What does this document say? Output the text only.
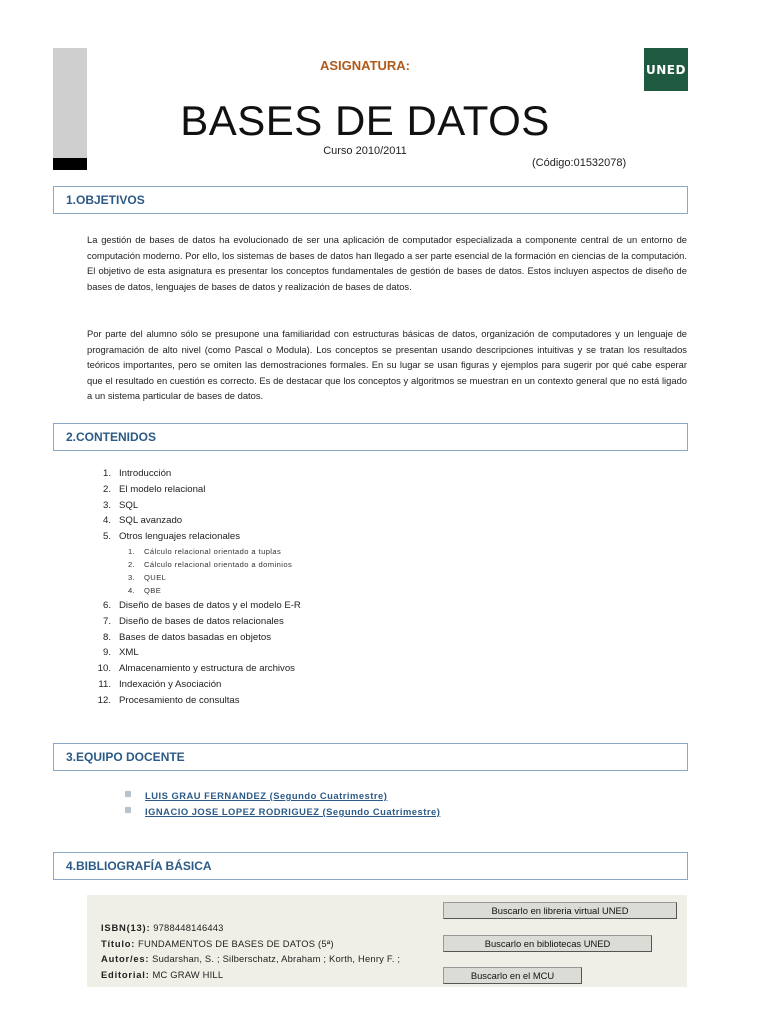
ASIGNATURA:	UNED
BASES DE DATOS
Curso 2010/2011
(Código:01532078)
1.OBJETIVOS
La gestión de bases de datos ha evolucionado de ser una aplicación de computador especializada a componente central de un entorno de computación moderno. Por ello, los sistemas de bases de datos han llegado a ser parte esencial de la formación en ciencias de la computación. El objetivo de esta asignatura es presentar los conceptos fundamentales de gestión de bases de datos. Estos incluyen aspectos de diseño de bases de datos, lenguajes de bases de datos y realización de bases de datos.
Por parte del alumno sólo se presupone una familiaridad con estructuras básicas de datos, organización de computadores y un lenguaje de programación de alto nivel (como Pascal o Modula). Los conceptos se presentan usando descripciones intuitivas y se tratan los resultados teóricos importantes, pero se omiten las demostraciones formales. En su lugar se usan figuras y ejemplos para sugerir por qué cabe esperar que el resultado en cuestión es correcto. Es de destacar que los conceptos y algoritmos se muestran en un contexto general que no está ligado a un sistema particular de bases de datos.
2.CONTENIDOS
1. Introducción
2. El modelo relacional
3. SQL
4. SQL avanzado
5. Otros lenguajes relacionales
1.	Cálculo relacional orientado a tuplas
2.	Cálculo relacional orientado a dominios
3.	QUEL
4.	QBE
6. Diseño de bases de datos y el modelo E-R
7. Diseño de bases de datos relacionales
8. Bases de datos basadas en objetos
9. XML
10. Almacenamiento y estructura de archivos
11. Indexación y Asociación
12. Procesamiento de consultas
3.EQUIPO DOCENTE
LUIS GRAU FERNANDEZ (Segundo Cuatrimestre)
IGNACIO JOSE LOPEZ RODRIGUEZ (Segundo Cuatrimestre)
4.BIBLIOGRAFÍA BÁSICA
ISBN(13): 9788448146443
Título: FUNDAMENTOS DE BASES DE DATOS (5ª)
Autor/es: Sudarshan, S. ; Silberschatz, Abraham ; Korth, Henry F. ;
Editorial: MC GRAW HILL
Buscarlo en libreria virtual UNED
Buscarlo en bibliotecas UNED
Buscarlo en el MCU
